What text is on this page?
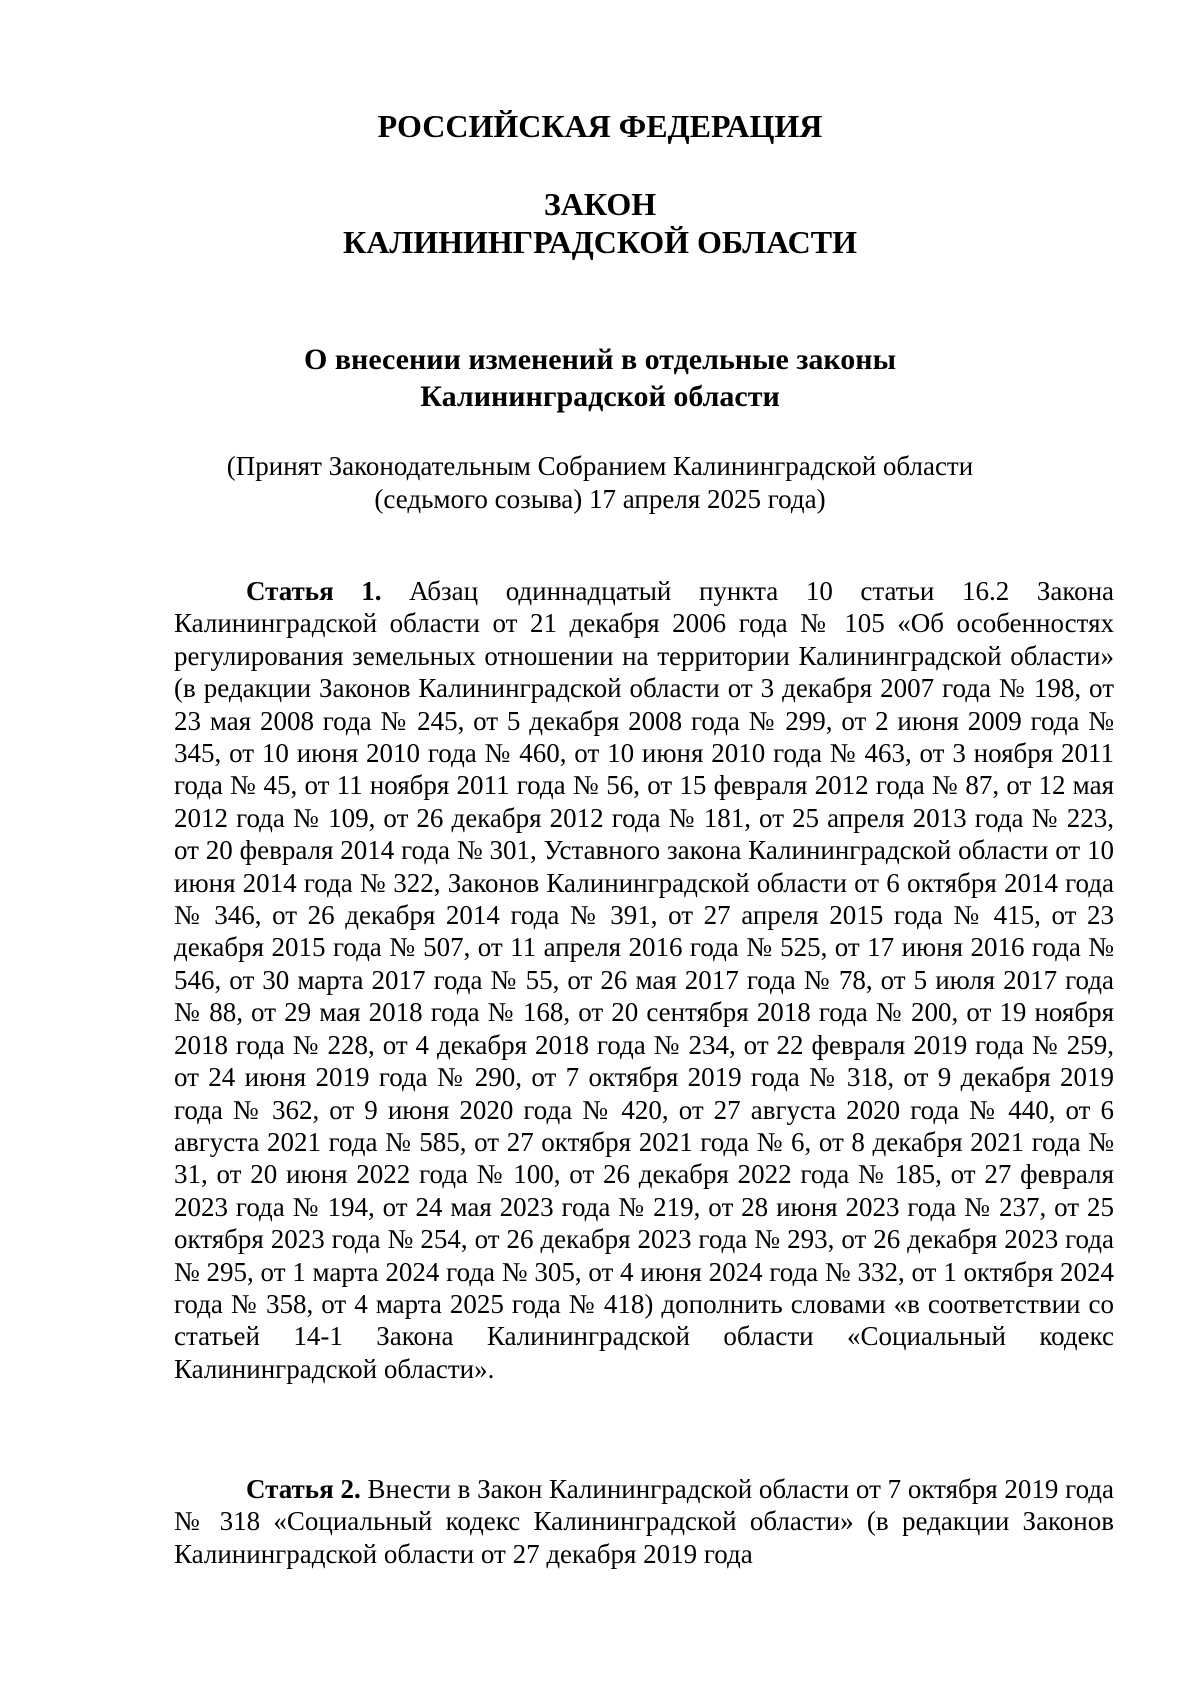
РОССИЙСКАЯ ФЕДЕРАЦИЯ
ЗАКОН
КАЛИНИНГРАДСКОЙ ОБЛАСТИ
О внесении изменений в отдельные законы
Калининградской области
(Принят Законодательным Собранием Калининградской области
(седьмого созыва) 17 апреля 2025 года)

Статья 1. Абзац одиннадцатый пункта 10 статьи 16.2 Закона Калининградской области от 21 декабря 2006 года № 105 «Об особенностях регулирования земельных отношении на территории Калининградской области» (в редакции Законов Калининградской области от 3 декабря 2007 года № 198, от 23 мая 2008 года № 245, от 5 декабря 2008 года № 299, от 2 июня 2009 года № 345, от 10 июня 2010 года № 460, от 10 июня 2010 года № 463, от 3 ноября 2011 года № 45, от 11 ноября 2011 года № 56, от 15 февраля 2012 года № 87, от 12 мая 2012 года № 109, от 26 декабря 2012 года № 181, от 25 апреля 2013 года № 223, от 20 февраля 2014 года № 301, Уставного закона Калининградской области от 10 июня 2014 года № 322, Законов Калининградской области от 6 октября 2014 года № 346, от 26 декабря 2014 года № 391, от 27 апреля 2015 года № 415, от 23 декабря 2015 года № 507, от 11 апреля 2016 года № 525, от 17 июня 2016 года № 546, от 30 марта 2017 года № 55, от 26 мая 2017 года № 78, от 5 июля 2017 года № 88, от 29 мая 2018 года № 168, от 20 сентября 2018 года № 200, от 19 ноября 2018 года № 228, от 4 декабря 2018 года № 234, от 22 февраля 2019 года № 259, от 24 июня 2019 года № 290, от 7 октября 2019 года № 318, от 9 декабря 2019 года № 362, от 9 июня 2020 года № 420, от 27 августа 2020 года № 440, от 6 августа 2021 года № 585, от 27 октября 2021 года № 6, от 8 декабря 2021 года № 31, от 20 июня 2022 года № 100, от 26 декабря 2022 года № 185, от 27 февраля 2023 года № 194, от 24 мая 2023 года № 219, от 28 июня 2023 года № 237, от 25 октября 2023 года № 254, от 26 декабря 2023 года № 293, от 26 декабря 2023 года № 295, от 1 марта 2024 года № 305, от 4 июня 2024 года № 332, от 1 октября 2024 года № 358, от 4 марта 2025 года № 418) дополнить словами «в соответствии со статьей 14-1 Закона Калининградской области «Социальный кодекс Калининградской области».

Статья 2. Внести в Закон Калининградской области от 7 октября 2019 года № 318 «Социальный кодекс Калининградской области» (в редакции Законов Калининградской области от 27 декабря 2019 года
